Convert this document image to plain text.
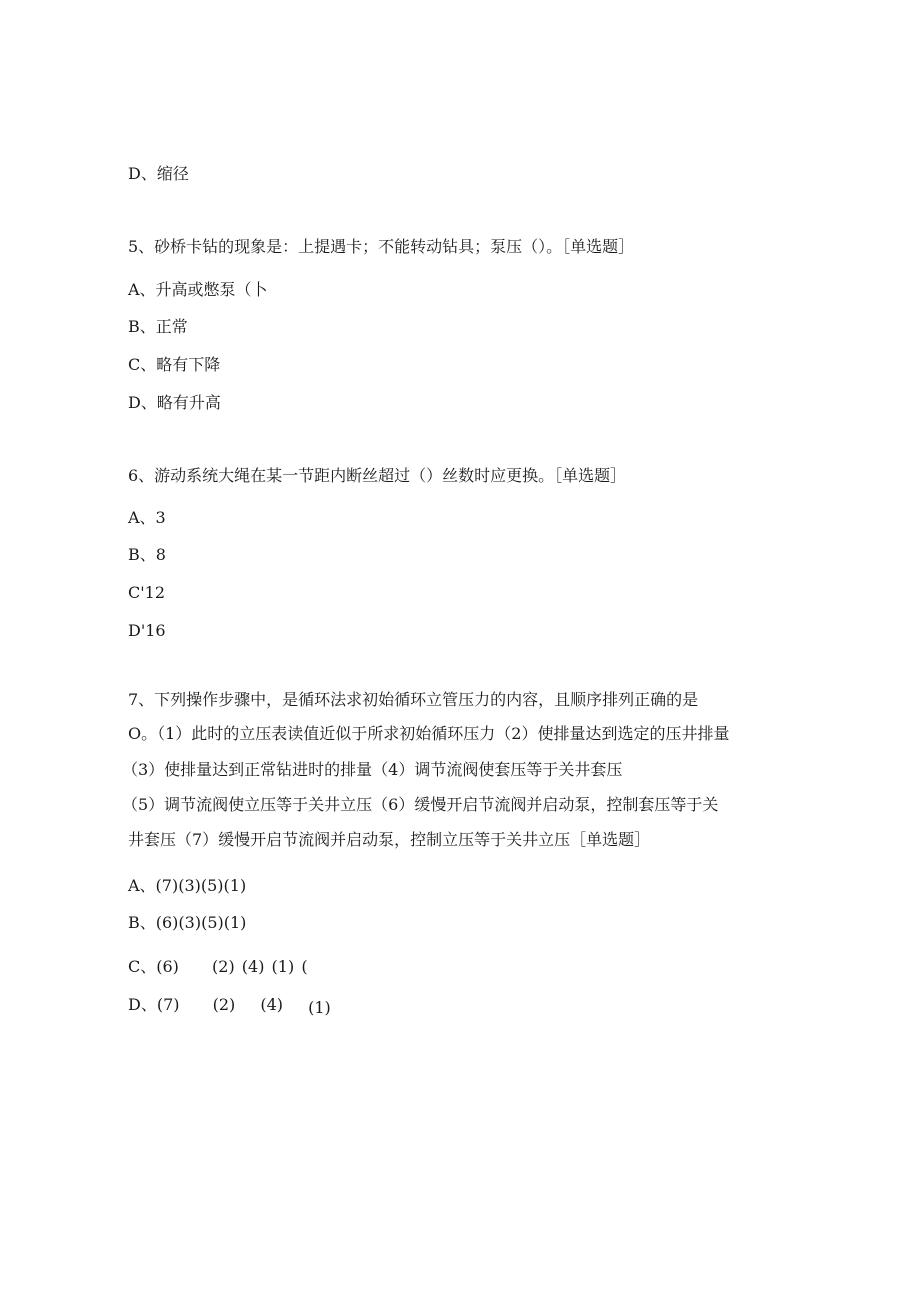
D、缩径
5、砂桥卡钻的现象是：上提遇卡；不能转动钻具；泵压（）。［单选题］
A、升高或憋泵（卜
B、正常
C、略有下降
D、略有升高
6、游动系统大绳在某一节距内断丝超过（）丝数时应更换。［单选题］
A、3
B、8
C'12
D'16
7、下列操作步骤中，是循环法求初始循环立管压力的内容，且顺序排列正确的是
O。（1）此时的立压表读值近似于所求初始循环压力（2）使排量达到选定的压井排量
（3）使排量达到正常钻进时的排量（4）调节流阀使套压等于关井套压
（5）调节流阀使立压等于关井立压（6）缓慢开启节流阀并启动泵，控制套压等于关
井套压（7）缓慢开启节流阀并启动泵，控制立压等于关井立压［单选题］
A、(7)(3)(5)(1)
B、(6)(3)(5)(1)
C、(6) (2) (4) (1) (
D、(7) (2) (4) (1)
